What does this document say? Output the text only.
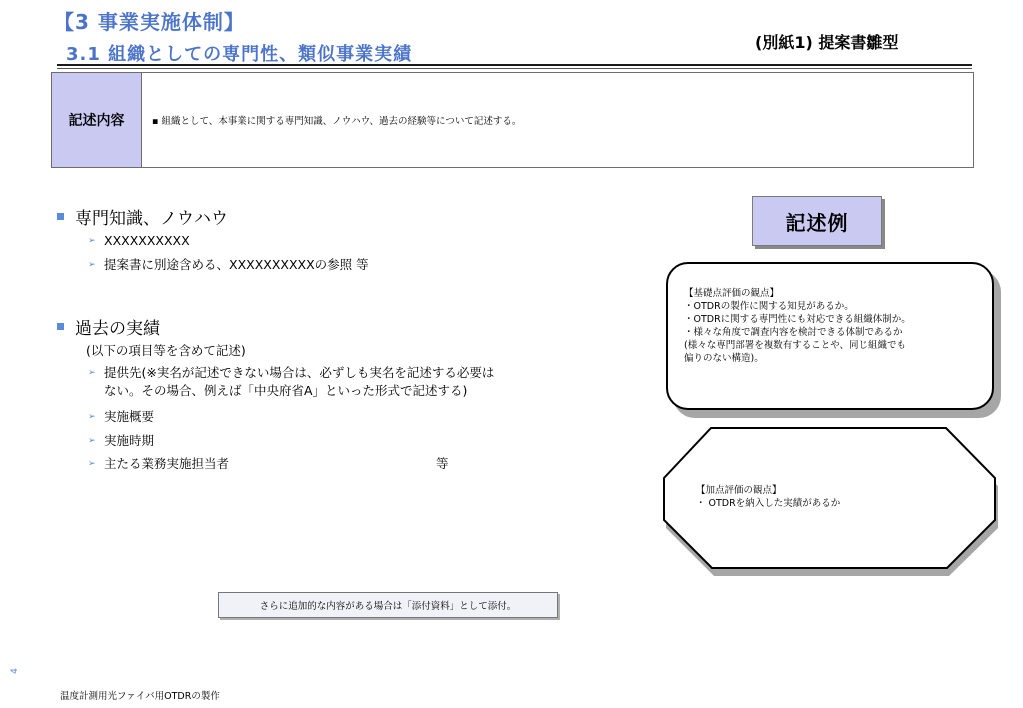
【3 事業実施体制】
3.1 組織としての専門性、類似事業実績
(別紙1) 提案書雛型
記述内容	▪ 組織として、本事業に関する専門知識、ノウハウ、過去の経験等について記述する。
専門知識、ノウハウ
➢ XXXXXXXXXX
➢ 提案書に別途含める、XXXXXXXXXXの参照 等
過去の実績
(以下の項目等を含めて記述)
➢ 提供先(※実名が記述できない場合は、必ずしも実名を記述する必要は
ない。その場合、例えば「中央府省A」といった形式で記述する)
➢ 実施概要
➢ 実施時期
➢ 主たる業務実施担当者	等
記述例
【基礎点評価の観点】
・OTDRの製作に関する知見があるか。
・OTDRに関する専門性にも対応できる組織体制か。
・様々な角度で調査内容を検討できる体制であるか
(様々な専門部署を複数有することや、同じ組織でも
偏りのない構造)。
【加点評価の観点】
・ OTDRを納入した実績があるか
さらに追加的な内容がある場合は「添付資料」として添付。
4
温度計測用光ファイバ用OTDRの製作
